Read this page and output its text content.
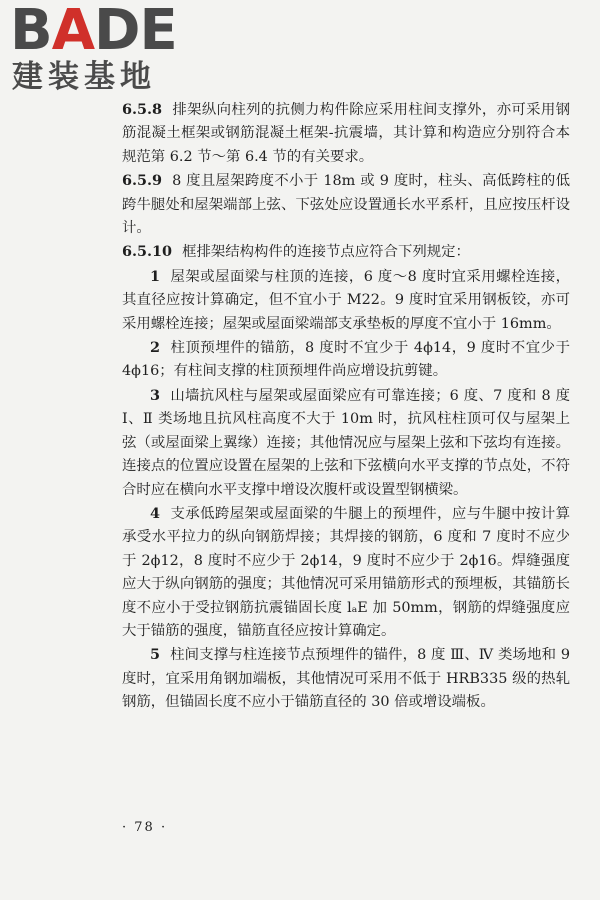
BADE
建装基地

6.5.8 排架纵向柱列的抗侧力构件除应采用柱间支撑外，亦可采用钢筋混凝土框架或钢筋混凝土框架-抗震墙，其计算和构造应分别符合本规范第 6.2 节～第 6.4 节的有关要求。

6.5.9 8 度且屋架跨度不小于 18m 或 9 度时，柱头、高低跨柱的低跨牛腿处和屋架端部上弦、下弦处应设置通长水平系杆，且应按压杆设计。

6.5.10 框排架结构构件的连接节点应符合下列规定：

1 屋架或屋面梁与柱顶的连接，6 度～8 度时宜采用螺栓连接，其直径应按计算确定，但不宜小于 M22。9 度时宜采用钢板铰，亦可采用螺栓连接；屋架或屋面梁端部支承垫板的厚度不宜小于 16mm。

2 柱顶预埋件的锚筋，8 度时不宜少于 4ϕ14，9 度时不宜少于 4ϕ16；有柱间支撑的柱顶预埋件尚应增设抗剪键。

3 山墙抗风柱与屋架或屋面梁应有可靠连接；6 度、7 度和 8 度 Ⅰ、Ⅱ 类场地且抗风柱高度不大于 10m 时，抗风柱柱顶可仅与屋架上弦（或屋面梁上翼缘）连接；其他情况应与屋架上弦和下弦均有连接。连接点的位置应设置在屋架的上弦和下弦横向水平支撑的节点处，不符合时应在横向水平支撑中增设次腹杆或设置型钢横梁。

4 支承低跨屋架或屋面梁的牛腿上的预埋件，应与牛腿中按计算承受水平拉力的纵向钢筋焊接；其焊接的钢筋，6 度和 7 度时不应少于 2ϕ12，8 度时不应少于 2ϕ14，9 度时不应少于 2ϕ16。焊缝强度应大于纵向钢筋的强度；其他情况可采用锚筋形式的预埋板，其锚筋长度不应小于受拉钢筋抗震锚固长度 lₐE 加 50mm，钢筋的焊缝强度应大于锚筋的强度，锚筋直径应按计算确定。

5 柱间支撑与柱连接节点预埋件的锚件，8 度 Ⅲ、Ⅳ 类场地和 9 度时，宜采用角钢加端板，其他情况可采用不低于 HRB335 级的热轧钢筋，但锚固长度不应小于锚筋直径的 30 倍或增设端板。

· 78 ·
